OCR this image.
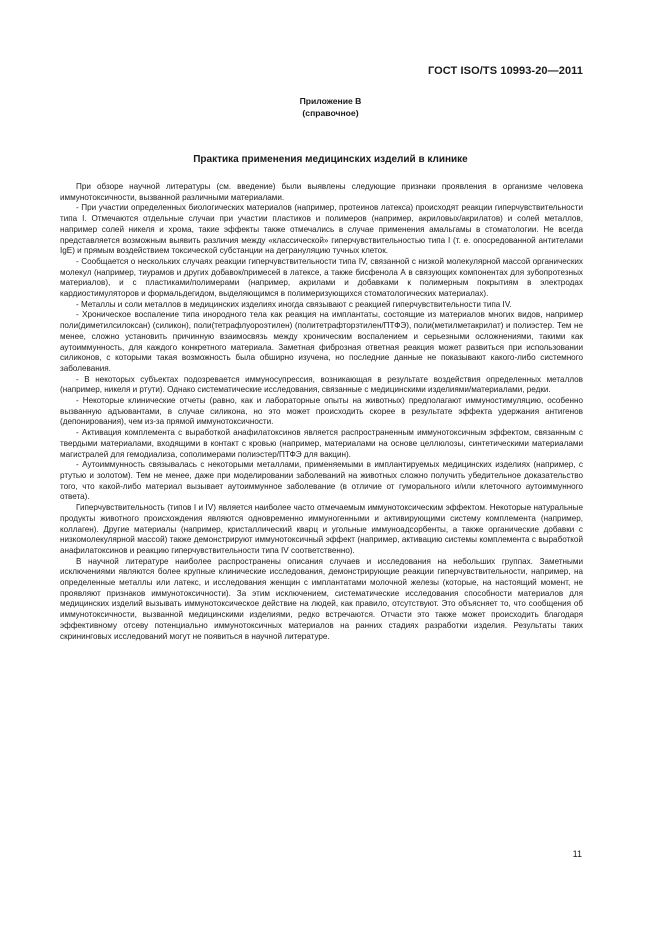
ГОСТ ISO/TS 10993-20—2011
Приложение В
(справочное)
Практика применения медицинских изделий в клинике

При обзоре научной литературы (см. введение) были выявлены следующие признаки проявления в организме человека иммунотоксичности, вызванной различными материалами.

- При участии определенных биологических материалов (например, протеинов латекса) происходят реакции гиперчувствительности типа I. Отмечаются отдельные случаи при участии пластиков и полимеров (например, акриловых/акрилатов) и солей металлов, например солей никеля и хрома, такие эффекты также отмечались в случае применения амальгамы в стоматологии. Не всегда представляется возможным выявить различия между «классической» гиперчувствительностью типа I (т. е. опосредованной антителами IgE) и прямым воздействием токсической субстанции на дегрануляцию тучных клеток.

- Сообщается о нескольких случаях реакции гиперчувствительности типа IV, связанной с низкой молекулярной массой органических молекул (например, тиурамов и других добавок/примесей в латексе, а также бисфенола А в связующих компонентах для зубопротезных материалов), и с пластиками/полимерами (например, акрилами и добавками к полимерным покрытиям в электродах кардиостимуляторов и формальдегидом, выделяющимся в полимеризующихся стоматологических материалах).

- Металлы и соли металлов в медицинских изделиях иногда связывают с реакцией гиперчувствительности типа IV.

- Хроническое воспаление типа инородного тела как реакция на имплантаты, состоящие из материалов многих видов, например поли(диметилсилоксан) (силикон), поли(тетрафлуороэтилен) (политетрафторэтилен/ПТФЭ), поли(метилметакрилат) и полиэстер. Тем не менее, сложно установить причинную взаимосвязь между хроническим воспалением и серьезными осложнениями, такими как аутоиммунность, для каждого конкретного материала. Заметная фиброзная ответная реакция может развиться при использовании силиконов, с которыми такая возможность была обширно изучена, но последние данные не показывают какого-либо системного заболевания.

- В некоторых субъектах подозревается иммуносупрессия, возникающая в результате воздействия определенных металлов (например, никеля и ртути). Однако систематические исследования, связанные с медицинскими изделиями/материалами, редки.

- Некоторые клинические отчеты (равно, как и лабораторные опыты на животных) предполагают иммуностимуляцию, особенно вызванную адъювантами, в случае силикона, но это может происходить скорее в результате эффекта удержания антигенов (депонирования), чем из-за прямой иммунотоксичности.

- Активация комплемента с выработкой анафилатоксинов является распространенным иммунотоксичным эффектом, связанным с твердыми материалами, входящими в контакт с кровью (например, материалами на основе целлюлозы, синтетическими материалами магистралей для гемодиализа, сополимерами полиэстер/ПТФЭ для вакцин).

- Аутоиммунность связывалась с некоторыми металлами, применяемыми в имплантируемых медицинских изделиях (например, с ртутью и золотом). Тем не менее, даже при моделировании заболеваний на животных сложно получить убедительное доказательство того, что какой-либо материал вызывает аутоиммунное заболевание (в отличие от гуморального и/или клеточного аутоиммунного ответа).

Гиперчувствительность (типов I и IV) является наиболее часто отмечаемым иммунотоксическим эффектом. Некоторые натуральные продукты животного происхождения являются одновременно иммуногенными и активирующими систему комплемента (например, коллаген). Другие материалы (например, кристаллический кварц и угольные иммуноадсорбенты, а также органические добавки с низкомолекулярной массой) также демонстрируют иммунотоксичный эффект (например, активацию системы комплемента с выработкой анафилатоксинов и реакцию гиперчувствительности типа IV соответственно).

В научной литературе наиболее распространены описания случаев и исследования на небольших группах. Заметными исключениями являются более крупные клинические исследования, демонстрирующие реакции гиперчувствительности, например, на определенные металлы или латекс, и исследования женщин с имплантатами молочной железы (которые, на настоящий момент, не проявляют признаков иммунотоксичности). За этим исключением, систематические исследования способности материалов для медицинских изделий вызывать иммунотоксическое действие на людей, как правило, отсутствуют. Это объясняет то, что сообщения об иммунотоксичности, вызванной медицинскими изделиями, редко встречаются. Отчасти это также может происходить благодаря эффективному отсеву потенциально иммунотоксичных материалов на ранних стадиях разработки изделия. Результаты таких скрининговых исследований могут не появиться в научной литературе.

11
